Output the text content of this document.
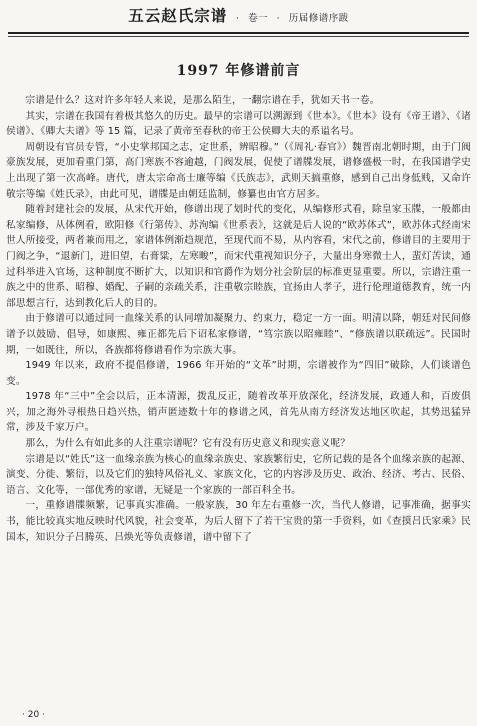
五云赵氏宗谱  ·  卷一  ·  历届修谱序跋
1997 年修谱前言

宗谱是什么？这对许多年轻人来说，是那么陌生，一翻宗谱在手，犹如天书一卷。

其实，宗谱在我国有着极其悠久的历史。最早的宗谱可以溯源到《世本》。《世本》设有《帝王谱》、《诸侯谱》、《卿大夫谱》等 15 篇，记录了黄帝至春秋的帝王公侯卿大夫的系谥名号。

周朝设有官员专管，“小史掌邦国之志，定世系，辨昭穆。”（《周礼·春官》）魏晋南北朝时期，由于门阀豪族发展，更加看重门第，高门寒族不容逾越，门阀发展，促使了谱牒发展，谱修盛极一时，在我国谱学史上出现了第一次高峰。唐代，唐太宗命高士廉等编《氏族志》，武则天搞重修，感到自己出身低贱，又命许敬宗等编《姓氏录》，由此可见，谱牒是由朝廷监制，修纂也由官方居多。

随着封建社会的发展，从宋代开始，修谱出现了划时代的变化，从编修形式看，除皇家玉牒，一般都由私家编修，从体例看，欧阳修《行第传》、苏洵编《世系表》，这就是后人说的“欧苏体式”，欧苏体式经南宋世人所接受，两者兼而用之，家谱体例渐趋规范，至现代而不易，从内容看，宋代之前，修谱目的主要用于门阀之争，“退新门，进旧望，右膏粱，左寒畯”，而宋代重视知识分子，大量出身寒微士人，蜚灯苦读，通过科举进入官场，这种制度不断扩大，以知识和官爵作为划分社会阶层的标准更显重要。所以，宗谱注重一族之中的世系、昭穆、婚配、子嗣的亲疏关系，注重敬宗睦族，宜扬由人孝子，进行伦理道德教育，统一内部思想言行，达到教化后人的目的。

由于修谱可以通过同一血缘关系的认同增加凝聚力、约束力，稳定一方一面。明清以降，朝廷对民间修谱予以鼓励、倡导，如康熙、雍正都先后下诏私家修谱，“笃宗族以昭雍睦”、“修族谱以联疏远”。民国时期，一如既往，所以，各族都将修谱看作为宗族大事。

1949 年以来，政府不提倡修谱，1966 年开始的“文革”时期，宗谱被作为“四旧”破除，人们谈谱色变。

1978 年“三中”全会以后，正本清源，拨乱反正，随着改革开放深化，经济发展，政通人和，百废俱兴，加之海外寻根热日趋兴热，销声匿迹数十年的修谱之风，首先从南方经济发达地区吹起，其势迅猛异常，涉及千家万户。

那么，为什么有如此多的人注重宗谱呢？它有没有历史意义和现实意义呢？

宗谱是以“姓氏”这一血缘亲族为核心的血缘亲族史、家族繁衍史，它所记载的是各个血缘亲族的起源、演变、分徙、繁衍，以及它们的独特风俗礼义、家族文化，它的内容涉及历史、政治、经济、考古、民俗、语言、文化等，一部优秀的家谱，无疑是一个家族的一部百科全书。

一，重修谱牒频繁，记事真实准确。一般家族，30 年左右重修一次，当代人修谱，记事准确，据事实书，能比较真实地反映时代风貌，社会变革，为后人留下了若干宝贵的第一手资料，如《查摸吕氏家乘》民国本，知识分子吕腾英、吕焕光等负责修谱，谱中留下了

· 20 ·
